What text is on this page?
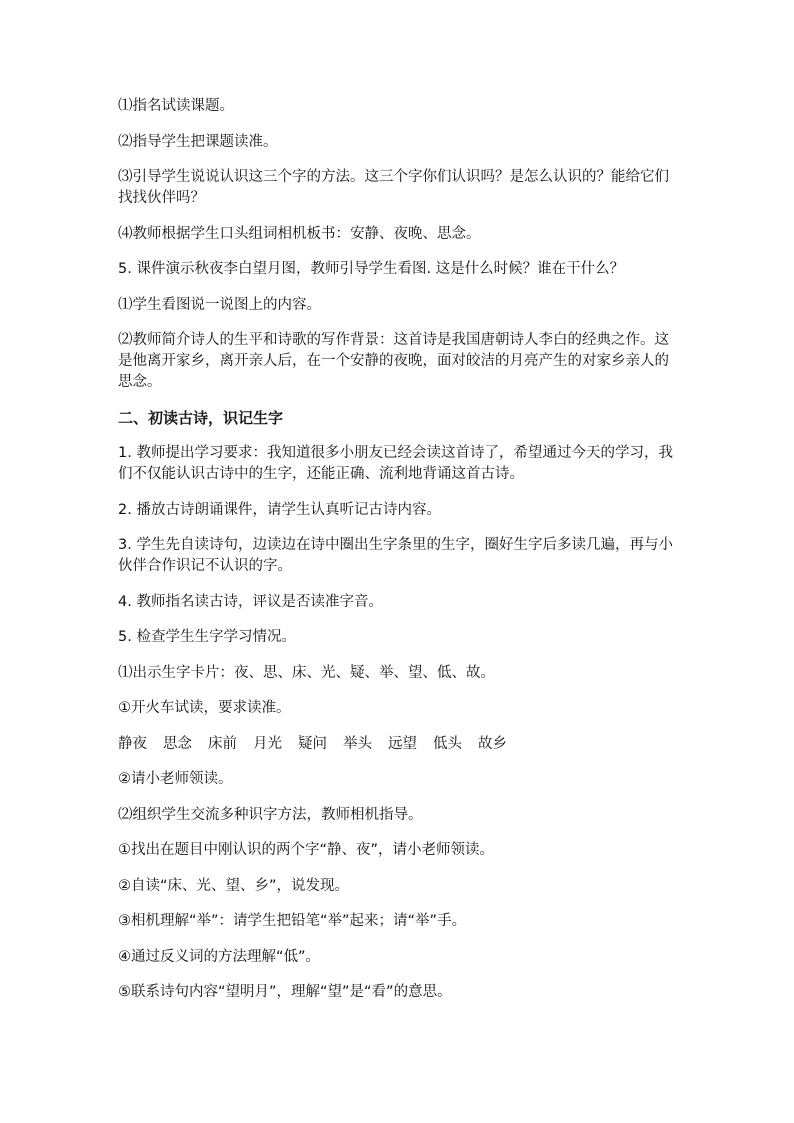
⑴指名试读课题。

⑵指导学生把课题读准。

⑶引导学生说说认识这三个字的方法。这三个字你们认识吗？是怎么认识的？能给它们找找伙伴吗？

⑷教师根据学生口头组词相机板书：安静、夜晚、思念。

5. 课件演示秋夜李白望月图，教师引导学生看图. 这是什么时候？谁在干什么？

⑴学生看图说一说图上的内容。

⑵教师简介诗人的生平和诗歌的写作背景：这首诗是我国唐朝诗人李白的经典之作。这是他离开家乡，离开亲人后，在一个安静的夜晚，面对皎洁的月亮产生的对家乡亲人的思念。

二、初读古诗，识记生字

1. 教师提出学习要求：我知道很多小朋友已经会读这首诗了，希望通过今天的学习，我们不仅能认识古诗中的生字，还能正确、流利地背诵这首古诗。

2. 播放古诗朗诵课件，请学生认真听记古诗内容。

3. 学生先自读诗句，边读边在诗中圈出生字条里的生字，圈好生字后多读几遍，再与小伙伴合作识记不认识的字。

4. 教师指名读古诗，评议是否读准字音。

5. 检查学生生字学习情况。

⑴出示生字卡片：夜、思、床、光、疑、举、望、低、故。

①开火车试读，要求读准。

静夜 思念 床前 月光 疑问 举头 远望 低头 故乡

②请小老师领读。

⑵组织学生交流多种识字方法，教师相机指导。

①找出在题目中刚认识的两个字“静、夜”，请小老师领读。

②自读“床、光、望、乡”，说发现。

③相机理解“举”：请学生把铅笔“举”起来；请“举”手。

④通过反义词的方法理解“低”。

⑤联系诗句内容“望明月”，理解“望”是“看”的意思。
